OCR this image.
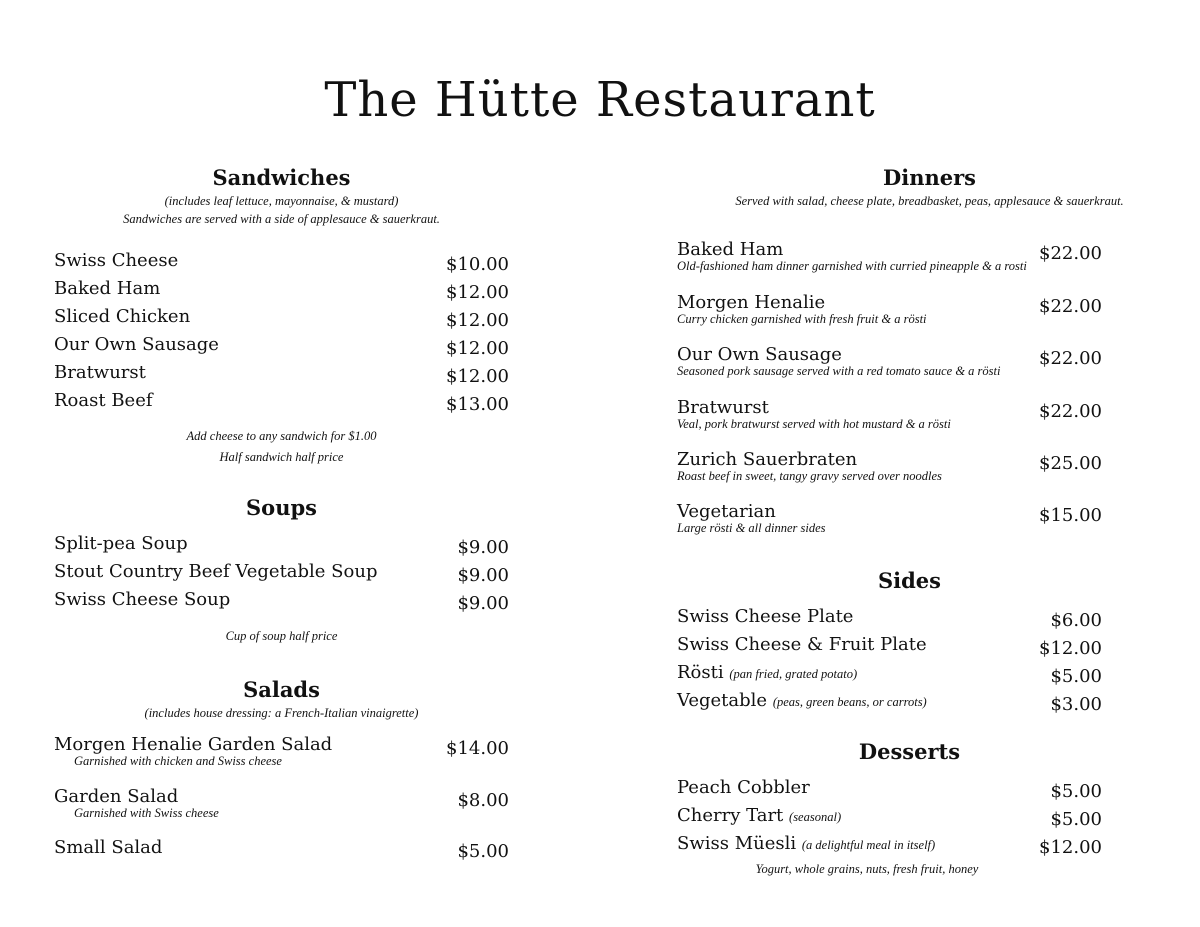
The Hütte Restaurant
Sandwiches
(includes leaf lettuce, mayonnaise, & mustard)
Sandwiches are served with a side of applesauce & sauerkraut.
Swiss Cheese	$10.00
Baked Ham	$12.00
Sliced Chicken	$12.00
Our Own Sausage	$12.00
Bratwurst	$12.00
Roast Beef	$13.00
Add cheese to any sandwich for $1.00
Half sandwich half price
Soups
Split-pea Soup	$9.00
Stout Country Beef Vegetable Soup	$9.00
Swiss Cheese Soup	$9.00
Cup of soup half price
Salads
(includes house dressing: a French-Italian vinaigrette)
Morgen Henalie Garden Salad	$14.00
Garnished with chicken and Swiss cheese
Garden Salad	$8.00
Garnished with Swiss cheese
Small Salad	$5.00
Dinners
Served with salad, cheese plate, breadbasket, peas, applesauce & sauerkraut.
Baked Ham	$22.00
Old-fashioned ham dinner garnished with curried pineapple & a rosti
Morgen Henalie	$22.00
Curry chicken garnished with fresh fruit & a rösti
Our Own Sausage	$22.00
Seasoned pork sausage served with a red tomato sauce & a rösti
Bratwurst	$22.00
Veal, pork bratwurst served with hot mustard & a rösti
Zurich Sauerbraten	$25.00
Roast beef in sweet, tangy gravy served over noodles
Vegetarian	$15.00
Large rösti & all dinner sides
Sides
Swiss Cheese Plate	$6.00
Swiss Cheese & Fruit Plate	$12.00
Rösti (pan fried, grated potato)	$5.00
Vegetable (peas, green beans, or carrots)	$3.00
Desserts
Peach Cobbler	$5.00
Cherry Tart (seasonal)	$5.00
Swiss Müesli (a delightful meal in itself)	$12.00
Yogurt, whole grains, nuts, fresh fruit, honey
